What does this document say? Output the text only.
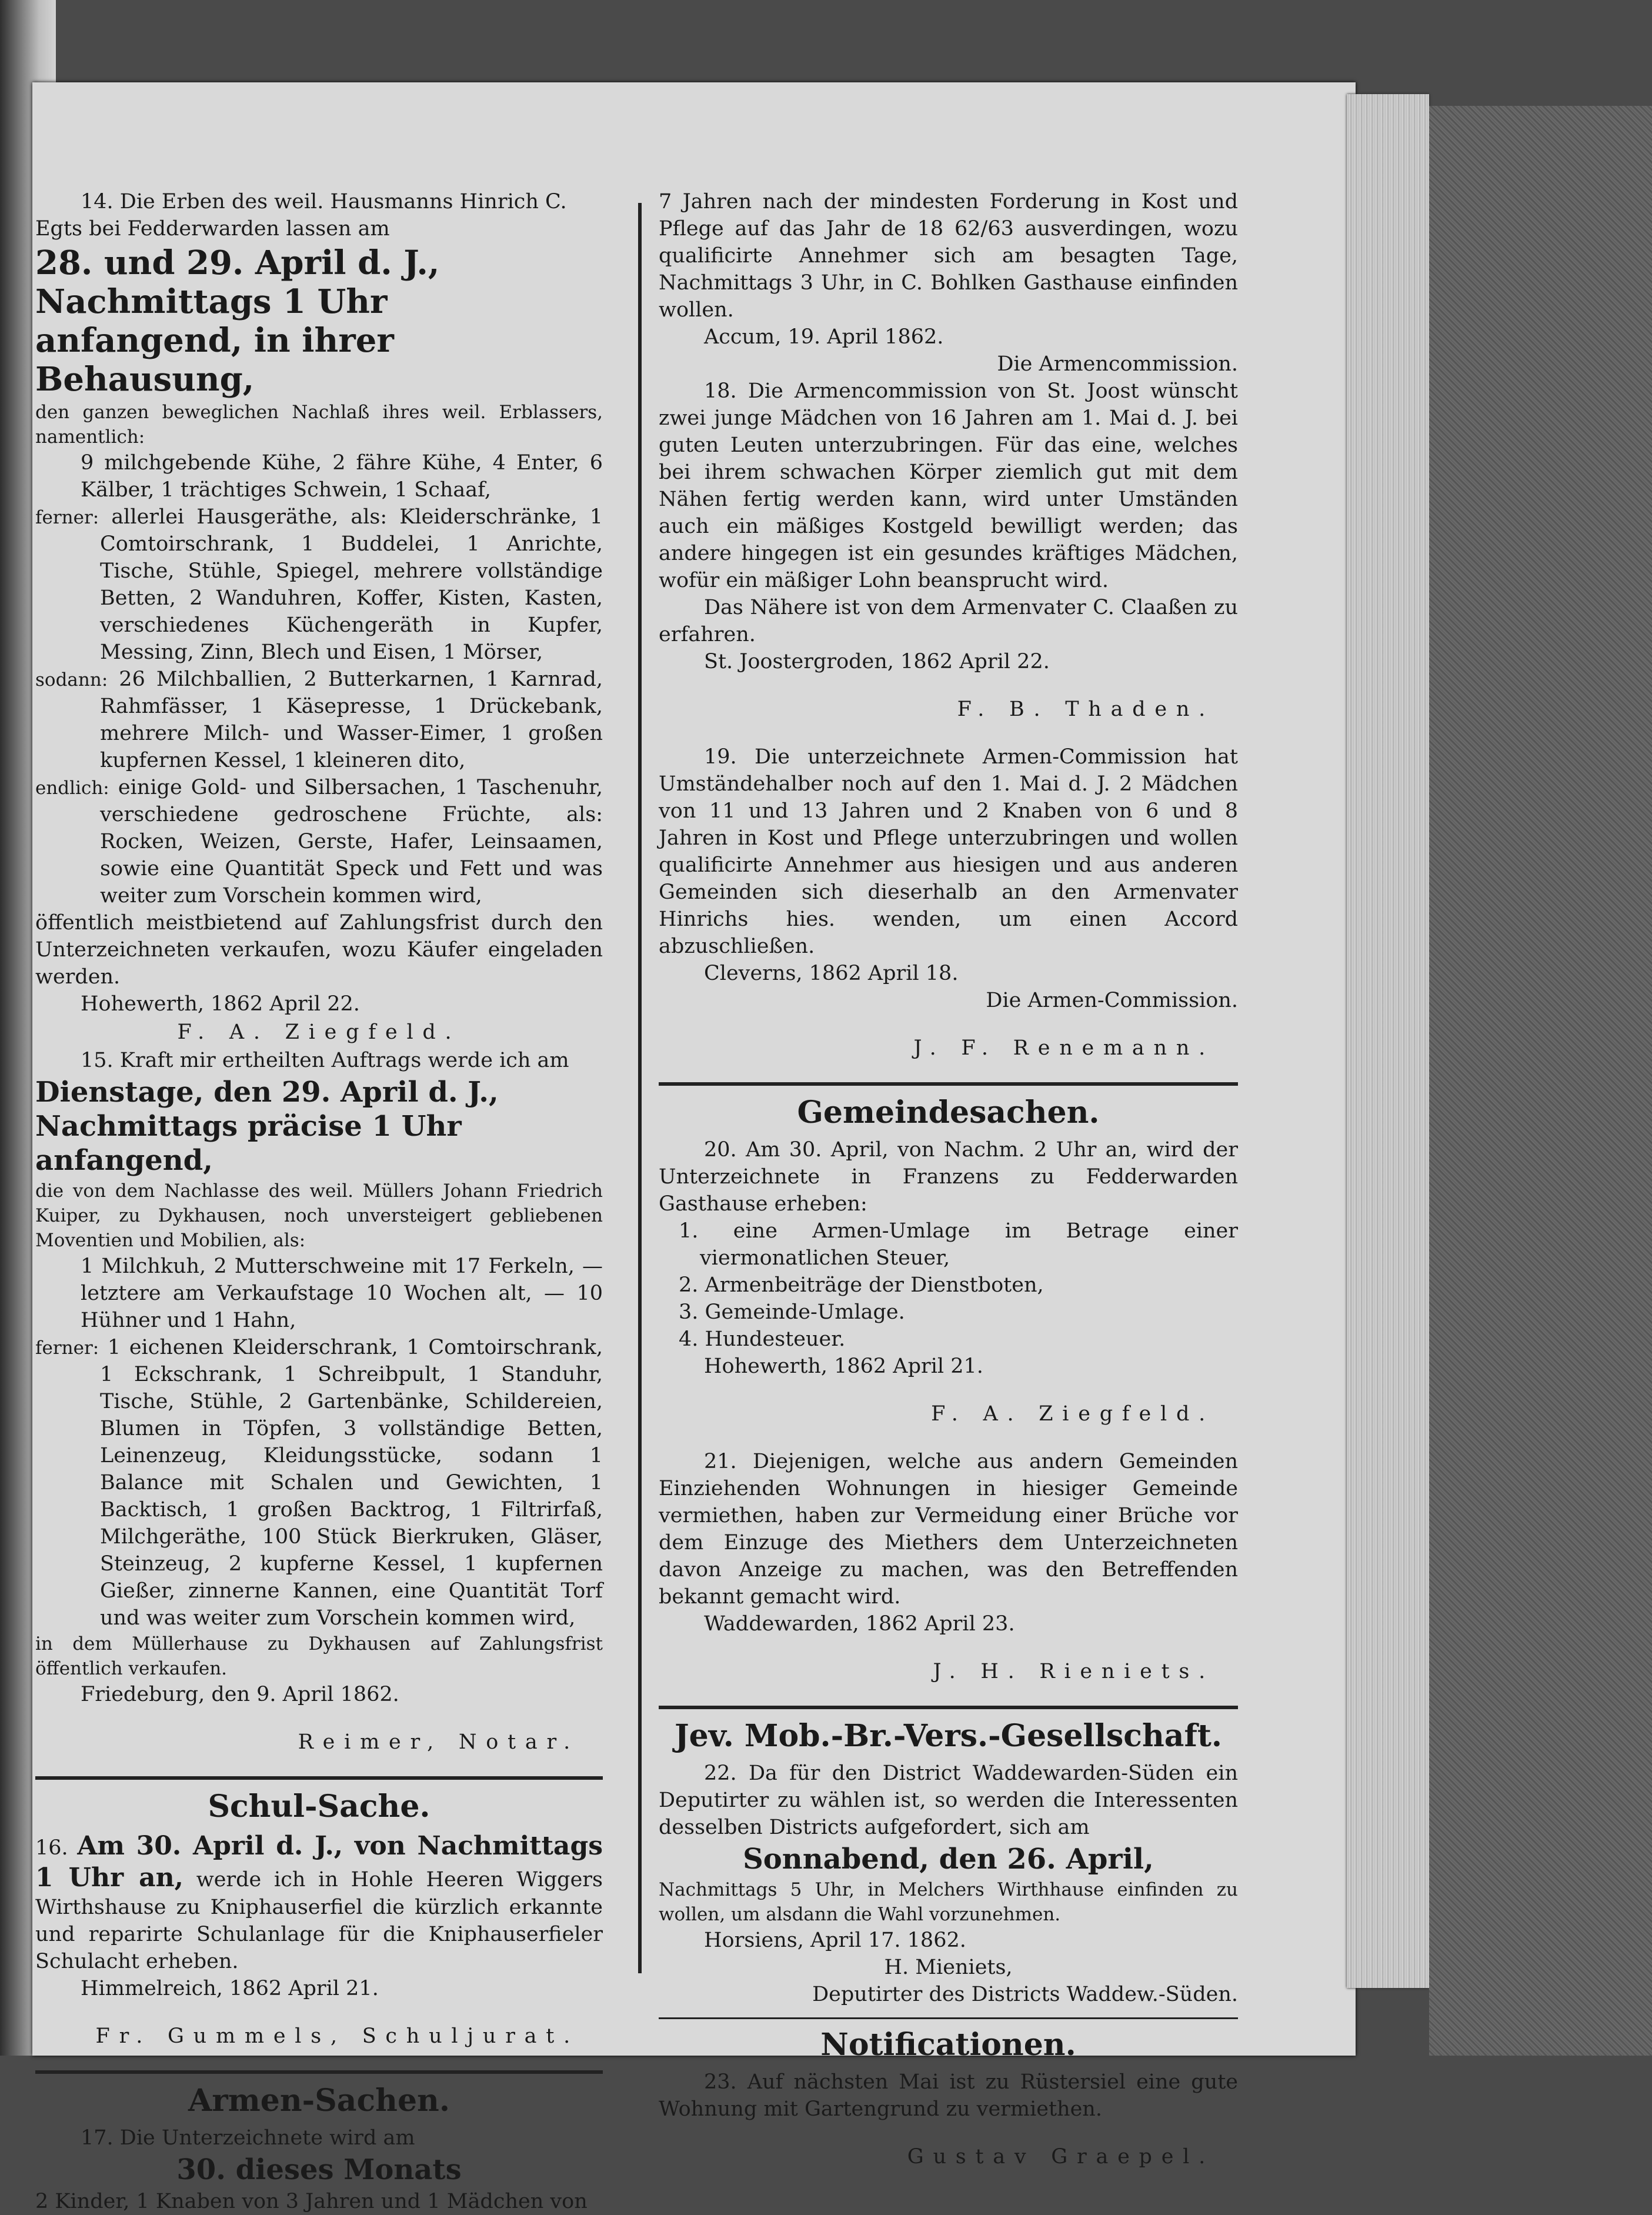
14. Die Erben des weil. Hausmanns Hinrich C.

Egts bei Fedderwarden lassen am

28. und 29. April d. J., Nachmittags 1 Uhr anfangend, in ihrer Behausung,

den ganzen beweglichen Nachlaß ihres weil. Erblassers, namentlich:

9 milchgebende Kühe, 2 fähre Kühe, 4 Enter, 6 Kälber, 1 trächtiges Schwein, 1 Schaaf,

ferner: allerlei Hausgeräthe, als: Kleiderschränke, 1 Comtoirschrank, 1 Buddelei, 1 Anrichte, Tische, Stühle, Spiegel, mehrere vollständige Betten, 2 Wanduhren, Koffer, Kisten, Kasten, verschiedenes Küchengeräth in Kupfer, Messing, Zinn, Blech und Eisen, 1 Mörser,

sodann: 26 Milchballien, 2 Butterkarnen, 1 Karnrad, Rahmfässer, 1 Käsepresse, 1 Drückebank, mehrere Milch- und Wasser-Eimer, 1 großen kupfernen Kessel, 1 kleineren dito,

endlich: einige Gold- und Silbersachen, 1 Taschenuhr, verschiedene gedroschene Früchte, als: Rocken, Weizen, Gerste, Hafer, Leinsaamen, sowie eine Quantität Speck und Fett und was weiter zum Vorschein kommen wird,

öffentlich meistbietend auf Zahlungsfrist durch den Unterzeichneten verkaufen, wozu Käufer eingeladen werden.

Hohewerth, 1862 April 22.

F. A. Ziegfeld.

15. Kraft mir ertheilten Auftrags werde ich am

Dienstage, den 29. April d. J., Nachmittags präcise 1 Uhr anfangend,

die von dem Nachlasse des weil. Müllers Johann Friedrich Kuiper, zu Dykhausen, noch unversteigert gebliebenen Moventien und Mobilien, als:

1 Milchkuh, 2 Mutterschweine mit 17 Ferkeln, — letztere am Verkaufstage 10 Wochen alt, — 10 Hühner und 1 Hahn,

ferner: 1 eichenen Kleiderschrank, 1 Comtoirschrank, 1 Eckschrank, 1 Schreibpult, 1 Standuhr, Tische, Stühle, 2 Gartenbänke, Schildereien, Blumen in Töpfen, 3 vollständige Betten, Leinenzeug, Kleidungsstücke, sodann 1 Balance mit Schalen und Gewichten, 1 Backtisch, 1 großen Backtrog, 1 Filtrirfaß, Milchgeräthe, 100 Stück Bierkruken, Gläser, Steinzeug, 2 kupferne Kessel, 1 kupfernen Gießer, zinnerne Kannen, eine Quantität Torf und was weiter zum Vorschein kommen wird,

in dem Müllerhause zu Dykhausen auf Zahlungsfrist öffentlich verkaufen.

Friedeburg, den 9. April 1862.

Reimer, Notar.

Schul-Sache.

16. Am 30. April d. J., von Nachmittags 1 Uhr an, werde ich in Hohle Heeren Wiggers Wirthshause zu Kniphauserfiel die kürzlich erkannte und reparirte Schulanlage für die Kniphauserfieler Schulacht erheben.

Himmelreich, 1862 April 21.

Fr. Gummels, Schuljurat.

Armen-Sachen.

17. Die Unterzeichnete wird am

30. dieses Monats

2 Kinder, 1 Knaben von 3 Jahren und 1 Mädchen von

7 Jahren nach der mindesten Forderung in Kost und Pflege auf das Jahr de 18 62/63 ausverdingen, wozu qualificirte Annehmer sich am besagten Tage, Nachmittags 3 Uhr, in C. Bohlken Gasthause einfinden wollen.

Accum, 19. April 1862.

Die Armencommission.

18. Die Armencommission von St. Joost wünscht zwei junge Mädchen von 16 Jahren am 1. Mai d. J. bei guten Leuten unterzubringen. Für das eine, welches bei ihrem schwachen Körper ziemlich gut mit dem Nähen fertig werden kann, wird unter Umständen auch ein mäßiges Kostgeld bewilligt werden; das andere hingegen ist ein gesundes kräftiges Mädchen, wofür ein mäßiger Lohn beansprucht wird.

Das Nähere ist von dem Armenvater C. Claaßen zu erfahren.

St. Joostergroden, 1862 April 22.

F. B. Thaden.

19. Die unterzeichnete Armen-Commission hat Umständehalber noch auf den 1. Mai d. J. 2 Mädchen von 11 und 13 Jahren und 2 Knaben von 6 und 8 Jahren in Kost und Pflege unterzubringen und wollen qualificirte Annehmer aus hiesigen und aus anderen Gemeinden sich dieserhalb an den Armenvater Hinrichs hies. wenden, um einen Accord abzuschließen.

Cleverns, 1862 April 18.

Die Armen-Commission.

J. F. Renemann.

Gemeindesachen.

20. Am 30. April, von Nachm. 2 Uhr an, wird der Unterzeichnete in Franzens zu Fedderwarden Gasthause erheben:

1. eine Armen-Umlage im Betrage einer viermonatlichen Steuer,

2. Armenbeiträge der Dienstboten,

3. Gemeinde-Umlage.

4. Hundesteuer.

Hohewerth, 1862 April 21.

F. A. Ziegfeld.

21. Diejenigen, welche aus andern Gemeinden Einziehenden Wohnungen in hiesiger Gemeinde vermiethen, haben zur Vermeidung einer Brüche vor dem Einzuge des Miethers dem Unterzeichneten davon Anzeige zu machen, was den Betreffenden bekannt gemacht wird.

Waddewarden, 1862 April 23.

J. H. Rieniets.

Jev. Mob.-Br.-Vers.-Gesellschaft.

22. Da für den District Waddewarden-Süden ein Deputirter zu wählen ist, so werden die Interessenten desselben Districts aufgefordert, sich am

Sonnabend, den 26. April,

Nachmittags 5 Uhr, in Melchers Wirthhause einfinden zu wollen, um alsdann die Wahl vorzunehmen.

Horsiens, April 17. 1862.

H. Mieniets,

Deputirter des Districts Waddew.-Süden.

Notificationen.

23. Auf nächsten Mai ist zu Rüstersiel eine gute Wohnung mit Gartengrund zu vermiethen.

Gustav Graepel.
